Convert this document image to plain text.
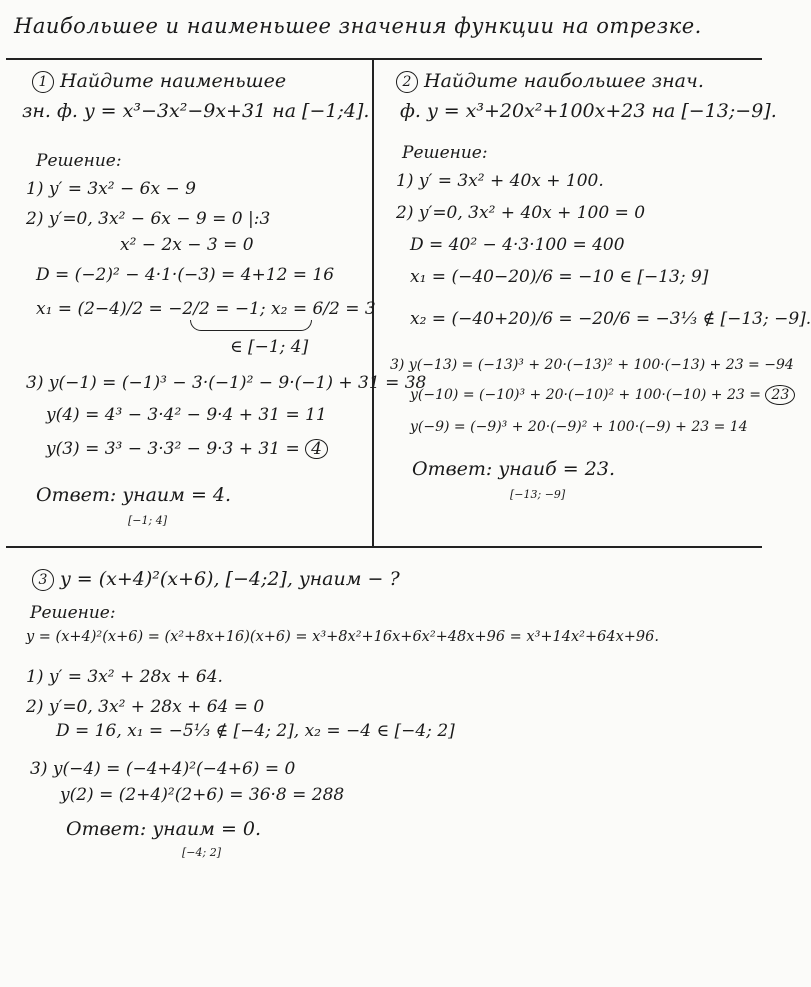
Наибольшее и наименьшее значения функции на отрезке.
1 Найдите наименьшее
зн. ф. y = x³−3x²−9x+31 на [−1;4].
Решение:
1) y′ = 3x² − 6x − 9
2) y′=0, 3x² − 6x − 9 = 0 |:3
x² − 2x − 3 = 0
D = (−2)² − 4·1·(−3) = 4+12 = 16
x₁ = (2−4)/2 = −2/2 = −1; x₂ = 6/2 = 3
∈ [−1; 4]
3) y(−1) = (−1)³ − 3·(−1)² − 9·(−1) + 31 = 38
y(4) = 4³ − 3·4² − 9·4 + 31 = 11
y(3) = 3³ − 3·3² − 9·3 + 31 = 4
Ответ: yнаим = 4.
[−1; 4]
2 Найдите наибольшее знач.
ф. y = x³+20x²+100x+23 на [−13;−9].
Решение:
1) y′ = 3x² + 40x + 100.
2) y′=0, 3x² + 40x + 100 = 0
D = 40² − 4·3·100 = 400
x₁ = (−40−20)/6 = −10 ∈ [−13; 9]
x₂ = (−40+20)/6 = −20/6 = −3⅓ ∉ [−13; −9].
3) y(−13) = (−13)³ + 20·(−13)² + 100·(−13) + 23 = −94
y(−10) = (−10)³ + 20·(−10)² + 100·(−10) + 23 = 23
y(−9) = (−9)³ + 20·(−9)² + 100·(−9) + 23 = 14
Ответ: yнаиб = 23.
[−13; −9]
3 y = (x+4)²(x+6), [−4;2], yнаим − ?
Решение:
y = (x+4)²(x+6) = (x²+8x+16)(x+6) = x³+8x²+16x+6x²+48x+96 = x³+14x²+64x+96.
1) y′ = 3x² + 28x + 64.
2) y′=0, 3x² + 28x + 64 = 0
D = 16, x₁ = −5⅓ ∉ [−4; 2], x₂ = −4 ∈ [−4; 2]
3) y(−4) = (−4+4)²(−4+6) = 0
y(2) = (2+4)²(2+6) = 36·8 = 288
Ответ: yнаим = 0.
[−4; 2]
